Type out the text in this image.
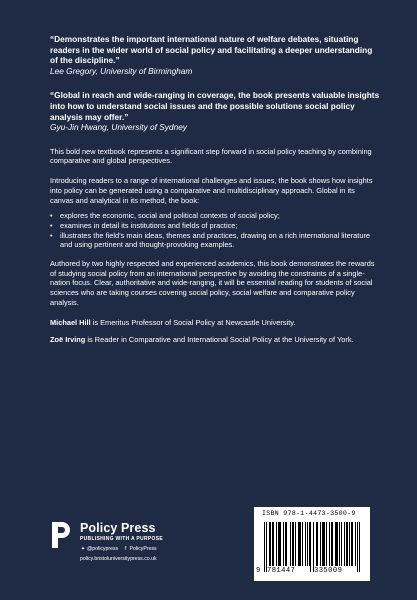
“Demonstrates the important international nature of welfare debates, situating readers in the wider world of social policy and facilitating a deeper understanding of the discipline.”

Lee Gregory, University of Birmingham

“Global in reach and wide-ranging in coverage, the book presents valuable insights into how to understand social issues and the possible solutions social policy analysis may offer.”

Gyu-Jin Hwang, University of Sydney

This bold new textbook represents a significant step forward in social policy teaching by combining comparative and global perspectives.

Introducing readers to a range of international challenges and issues, the book shows how insights into policy can be generated using a comparative and multidisciplinary approach. Global in its canvas and analytical in its method, the book:

• explores the economic, social and political contexts of social policy;
• examines in detail its institutions and fields of practice;
• illustrates the field’s main ideas, themes and practices, drawing on a rich international literature and using pertinent and thought-provoking examples.

Authored by two highly respected and experienced academics, this book demonstrates the rewards of studying social policy from an international perspective by avoiding the constraints of a single-nation focus. Clear, authoritative and wide-ranging, it will be essential reading for students of social sciences who are taking courses covering social policy, social welfare and comparative policy analysis.

Michael Hill is Emeritus Professor of Social Policy at Newcastle University.

Zoë Irving is Reader in Comparative and International Social Policy at the University of York.

Policy Press
PUBLISHING WITH A PURPOSE
✦ @policypress f PolicyPress
policy.bristoluniversitypress.co.uk
ISBN 978-1-4473-3500-9
9 781447	335009
